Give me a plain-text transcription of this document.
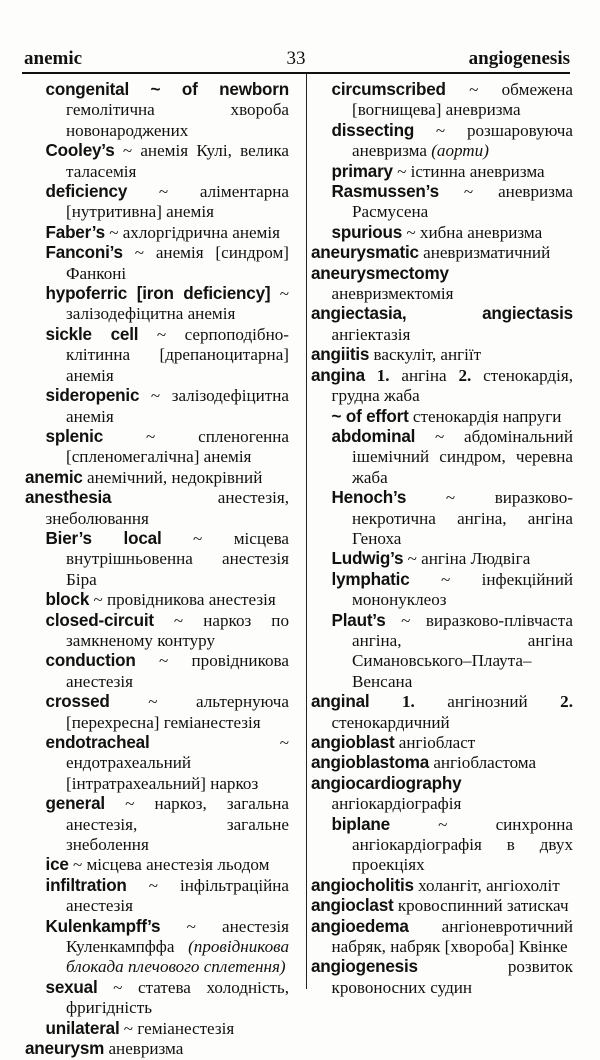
anemic	33	angiogenesis

congenital ~ of newborn гемолітична хвороба новонароджених

Cooley’s ~ анемія Кулі, велика таласемія

deficiency ~ аліментарна [нутритивна] анемія

Faber’s ~ ахлоргідрична анемія

Fanconi’s ~ анемія [синдром] Фанконі

hypoferric [iron deficiency] ~ залізодефіцитна анемія

sickle cell ~ серпоподібно-клітинна [дрепаноцитарна] анемія

sideropenic ~ залізодефіцитна анемія

splenic	~ спленогенна [спленомегалічна] анемія

anemic анемічний, недокрівний

anesthesia	анестезія, знеболювання

Bier’s local ~ місцева внутрішньовенна анестезія Біра

block ~ провідникова анестезія

closed-circuit ~ наркоз по замкненому контуру

conduction ~ провідникова анестезія

crossed ~ альтернуюча [перехресна] геміанестезія

endotracheal	~ ендотрахеальний [інтратрахеальний] наркоз

general ~ наркоз, загальна анестезія, загальне знеболення

ice ~ місцева анестезія льодом

infiltration ~ інфільтраційна анестезія

Kulenkampff’s ~ анестезія Куленкампффа (провідникова блокада плечового сплетення)

sexual ~ статева холодність, фригідність

unilateral ~ геміанестезія

aneurysm аневризма

circumscribed ~ обмежена [вогнищева] аневризма

dissecting ~ розшаровуюча аневризма (аорти)

primary ~ істинна аневризма

Rasmussen’s ~ аневризма Расмусена

spurious ~ хибна аневризма

aneurysmatic аневризматичний

aneurysmectomy аневризмектомія

angiectasia, angiectasis ангіектазія

angiitis васкуліт, ангіїт

angina 1. ангіна 2. стенокардія, грудна жаба

~ of effort стенокардія напруги

abdominal ~ абдомінальний ішемічний синдром, черевна жаба

Henoch’s ~ виразково-некротична ангіна, ангіна Геноха

Ludwig’s ~ ангіна Людвіга

lymphatic ~ інфекційний мононуклеоз

Plaut’s ~ виразково-плівчаста ангіна, ангіна Симановського–Плаута–Венсана

anginal 1. ангінозний 2. стенокардичний

angioblast ангіобласт

angioblastoma ангіобластома

angiocardiography ангіокардіографія

biplane	~ синхронна ангіокардіографія в двух проекціях

angiocholitis холангіт, ангіохоліт

angioclast кровоспинний затискач

angioedema ангіоневротичний набряк, набряк [хвороба] Квінке

angiogenesis	розвиток кровоносних судин
